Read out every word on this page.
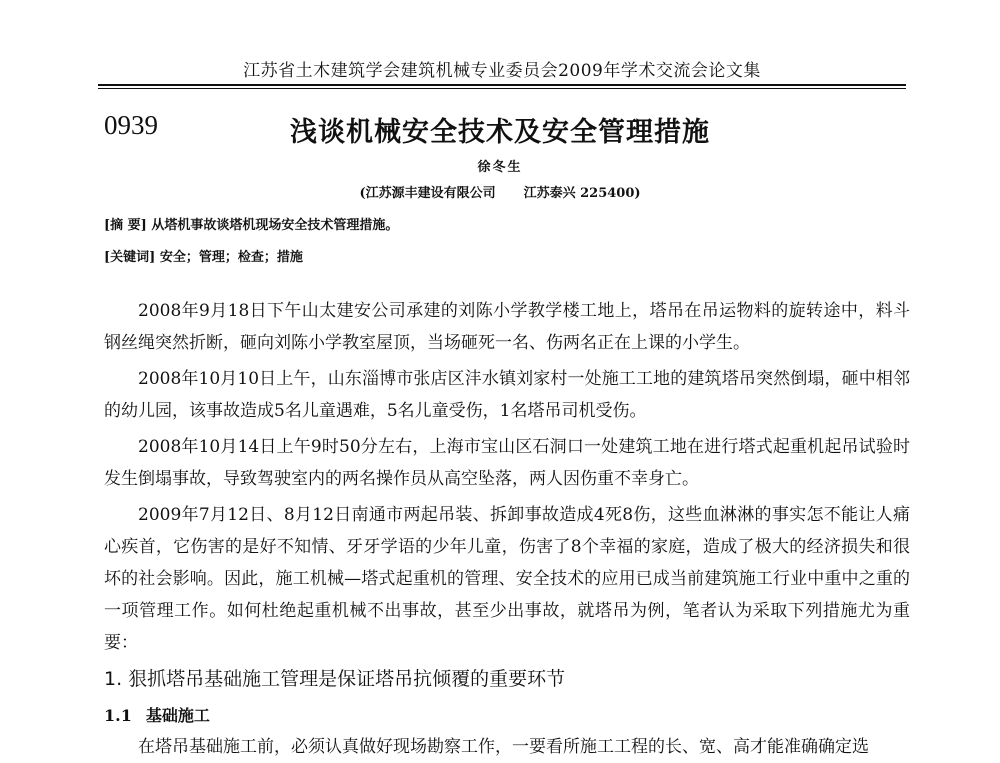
江苏省土木建筑学会建筑机械专业委员会2009年学术交流会论文集
0939	浅谈机械安全技术及安全管理措施
徐冬生
(江苏源丰建设有限公司 江苏泰兴 225400)
[摘 要] 从塔机事故谈塔机现场安全技术管理措施。
[关键词] 安全；管理；检查；措施

2008年9月18日下午山太建安公司承建的刘陈小学教学楼工地上，塔吊在吊运物料的旋转途中，料斗钢丝绳突然折断，砸向刘陈小学教室屋顶，当场砸死一名、伤两名正在上课的小学生。

2008年10月10日上午，山东淄博市张店区沣水镇刘家村一处施工工地的建筑塔吊突然倒塌，砸中相邻的幼儿园，该事故造成5名儿童遇难，5名儿童受伤，1名塔吊司机受伤。

2008年10月14日上午9时50分左右，上海市宝山区石洞口一处建筑工地在进行塔式起重机起吊试验时发生倒塌事故，导致驾驶室内的两名操作员从高空坠落，两人因伤重不幸身亡。

2009年7月12日、8月12日南通市两起吊装、拆卸事故造成4死8伤，这些血淋淋的事实怎不能让人痛心疾首，它伤害的是好不知情、牙牙学语的少年儿童，伤害了8个幸福的家庭，造成了极大的经济损失和很坏的社会影响。因此，施工机械—塔式起重机的管理、安全技术的应用已成当前建筑施工行业中重中之重的一项管理工作。如何杜绝起重机械不出事故，甚至少出事故，就塔吊为例，笔者认为采取下列措施尤为重要：

1. 狠抓塔吊基础施工管理是保证塔吊抗倾覆的重要环节
1.1 基础施工

在塔吊基础施工前，必须认真做好现场勘察工作，一要看所施工工程的长、宽、高才能准确确定选
